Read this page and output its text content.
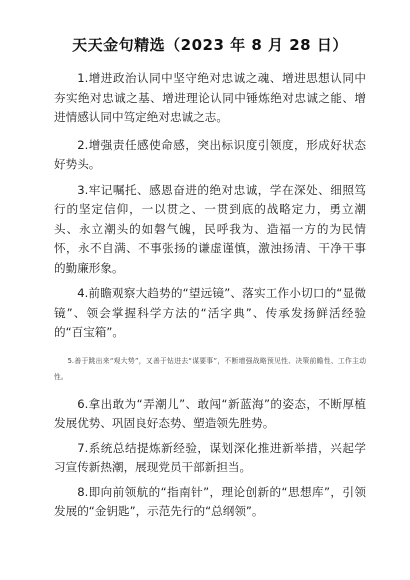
天天金句精选（2023 年 8 月 28 日）

1.增进政治认同中坚守绝对忠诚之魂、增进思想认同中夯实绝对忠诚之基、增进理论认同中锤炼绝对忠诚之能、增进情感认同中笃定绝对忠诚之志。

2.增强责任感使命感，突出标识度引领度，形成好状态好势头。

3.牢记嘱托、感恩奋进的绝对忠诚，学在深处、细照笃行的坚定信仰，一以贯之、一贯到底的战略定力，勇立潮头、永立潮头的如磐气魄，民呼我为、造福一方的为民情怀，永不自满、不事张扬的谦虚谨慎，激浊扬清、干净干事的勤廉形象。

4.前瞻观察大趋势的“望远镜”、落实工作小切口的“显微镜”、领会掌握科学方法的“活字典”、传承发扬鲜活经验的“百宝箱”。

5.善于跳出来“观大势”，又善于钻进去“谋要事”，不断增强战略预见性、决策前瞻性、工作主动性。

6.拿出敢为“弄潮儿”、敢闯“新蓝海”的姿态，不断厚植发展优势、巩固良好态势、塑造领先胜势。

7.系统总结提炼新经验，谋划深化推进新举措，兴起学习宣传新热潮，展现党员干部新担当。

8.即向前领航的“指南针”，理论创新的“思想库”，引领发展的“金钥匙”，示范先行的“总纲领”。
